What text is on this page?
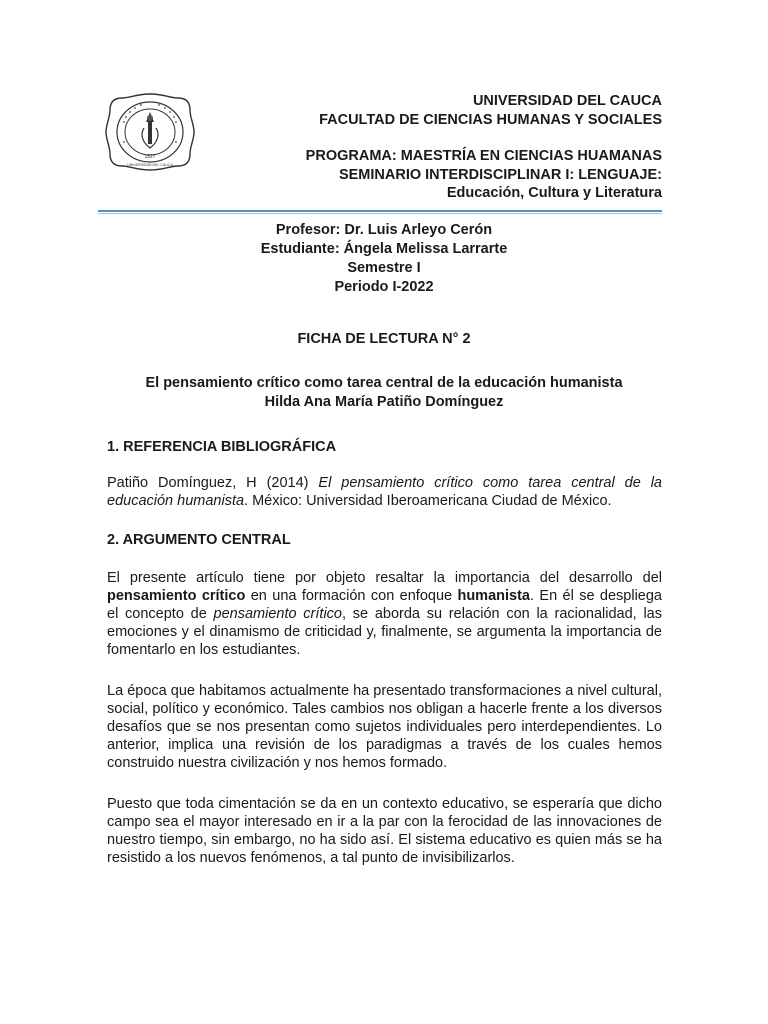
1827
UNIVERSIDAD DEL CAUCA
UNIVERSIDAD DEL CAUCA
FACULTAD DE CIENCIAS HUMANAS Y SOCIALES
PROGRAMA: MAESTRÍA EN CIENCIAS HUAMANAS
SEMINARIO INTERDISCIPLINAR I: LENGUAJE:
Educación, Cultura y Literatura
Profesor: Dr. Luis Arleyo Cerón
Estudiante: Ángela Melissa Larrarte
Semestre I
Periodo I-2022
FICHA DE LECTURA N° 2
El pensamiento crítico como tarea central de la educación humanista
Hilda Ana María Patiño Domínguez
1. REFERENCIA BIBLIOGRÁFICA
Patiño Domínguez, H (2014) El pensamiento crítico como tarea central de la educación humanista. México: Universidad Iberoamericana Ciudad de México.
2. ARGUMENTO CENTRAL
El presente artículo tiene por objeto resaltar la importancia del desarrollo del pensamiento crítico en una formación con enfoque humanista. En él se despliega el concepto de pensamiento crítico, se aborda su relación con la racionalidad, las emociones y el dinamismo de criticidad y, finalmente, se argumenta la importancia de fomentarlo en los estudiantes.
La época que habitamos actualmente ha presentado transformaciones a nivel cultural, social, político y económico. Tales cambios nos obligan a hacerle frente a los diversos desafíos que se nos presentan como sujetos individuales pero interdependientes. Lo anterior, implica una revisión de los paradigmas a través de los cuales hemos construido nuestra civilización y nos hemos formado.
Puesto que toda cimentación se da en un contexto educativo, se esperaría que dicho campo sea el mayor interesado en ir a la par con la ferocidad de las innovaciones de nuestro tiempo, sin embargo, no ha sido así. El sistema educativo es quien más se ha resistido a los nuevos fenómenos, a tal punto de invisibilizarlos.
